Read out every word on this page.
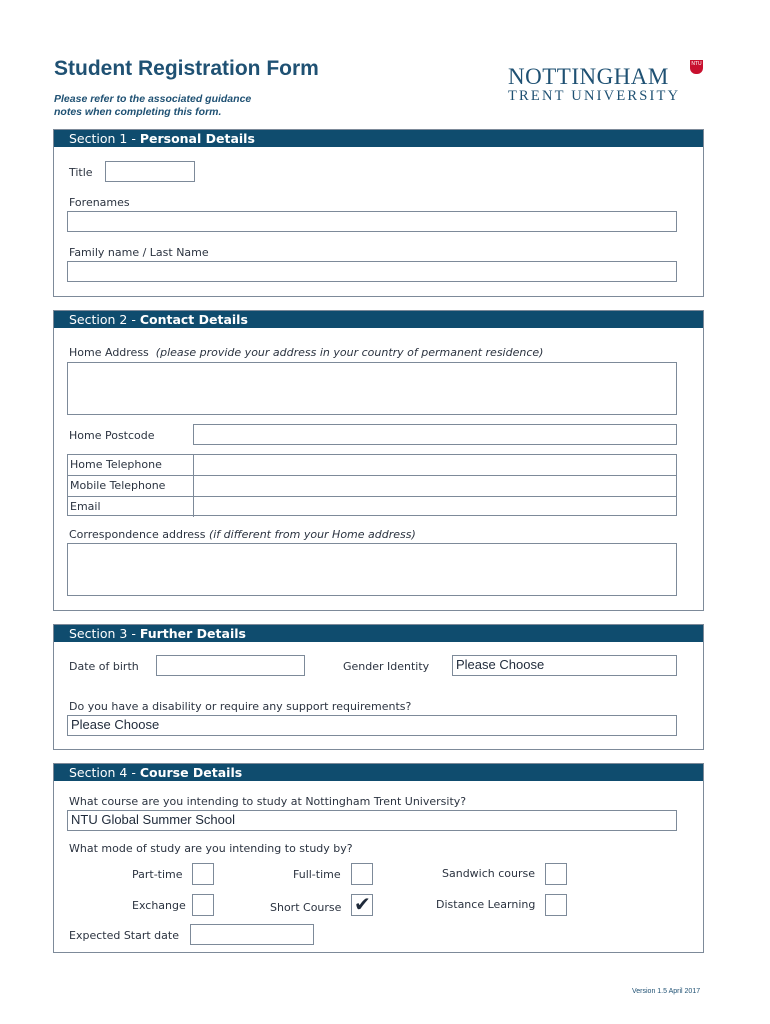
Student Registration Form
Please refer to the associated guidance
notes when completing this form.
NOTTINGHAM
TRENT UNIVERSITY
NTU
Section 1 - Personal Details
Title
Forenames
Family name / Last Name
Section 2 - Contact Details
Home Address (please provide your address in your country of permanent residence)
Home Postcode
Home Telephone
Mobile Telephone
Email
Correspondence address (if different from your Home address)
Section 3 - Further Details
Date of birth	Gender Identity	Please Choose
Do you have a disability or require any support requirements?
Please Choose
Section 4 - Course Details
What course are you intending to study at Nottingham Trent University?
NTU Global Summer School
What mode of study are you intending to study by?
Part-time	Full-time	Sandwich course
Exchange	Short Course ✔	Distance Learning
Expected Start date
Version 1.5 April 2017
